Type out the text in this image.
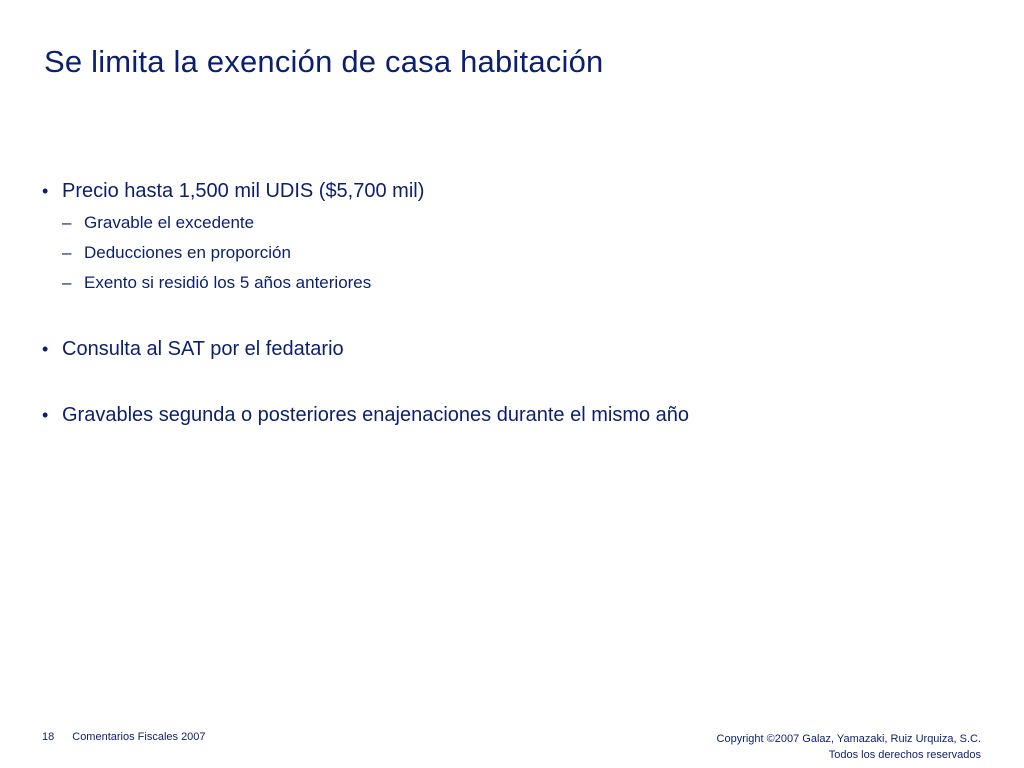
Se limita la exención de casa habitación
• Precio hasta 1,500 mil UDIS ($5,700 mil)
– Gravable el excedente
– Deducciones en proporción
– Exento si residió los 5 años anteriores
• Consulta al SAT por el fedatario
• Gravables segunda o posteriores enajenaciones durante el mismo año
18 Comentarios Fiscales 2007	Copyright ©2007 Galaz, Yamazaki, Ruiz Urquiza, S.C.
Todos los derechos reservados
